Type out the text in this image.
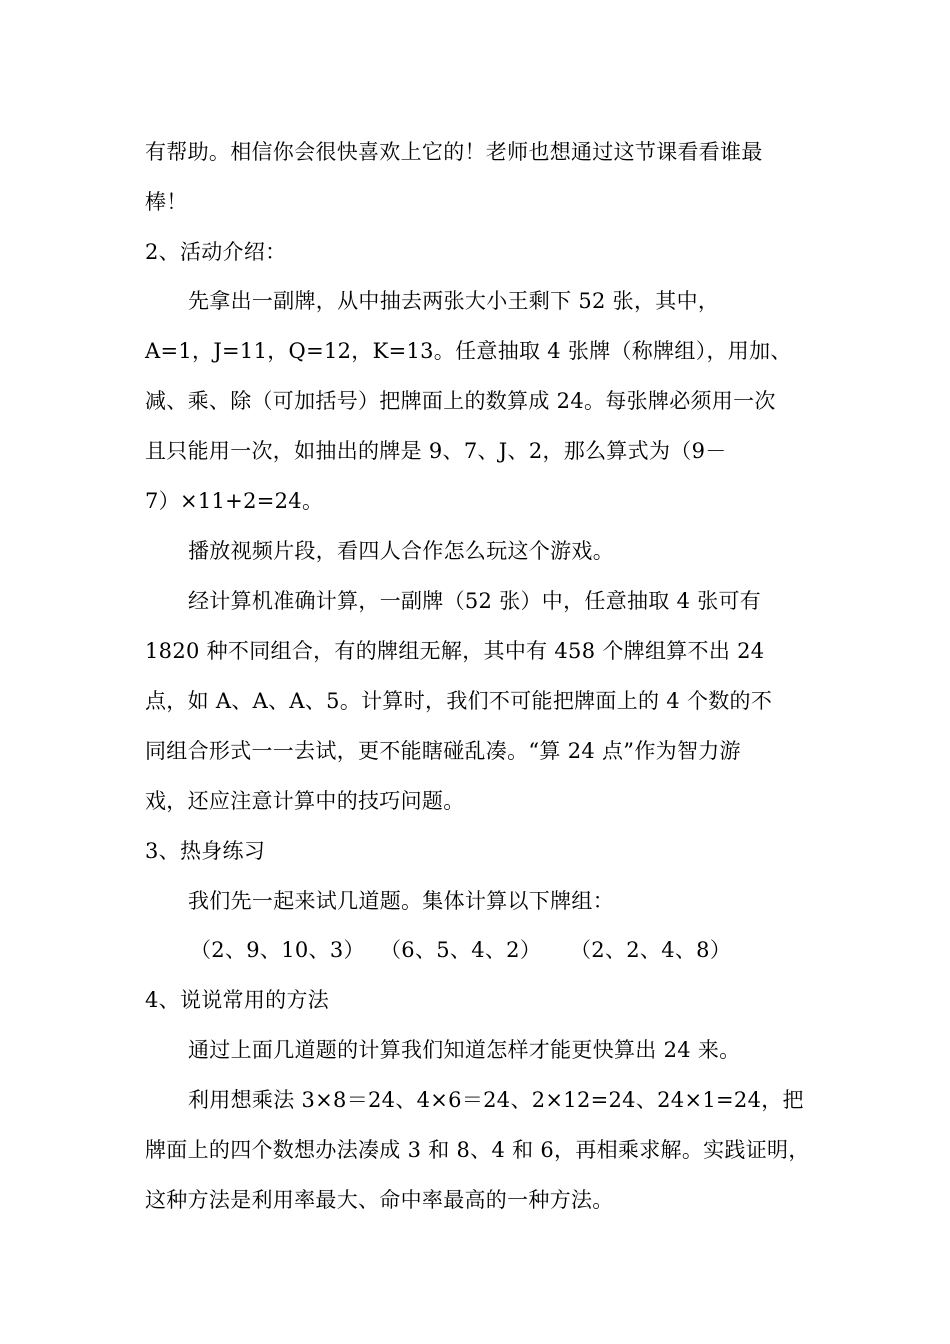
有帮助。相信你会很快喜欢上它的！老师也想通过这节课看看谁最
棒！
2、活动介绍：
先拿出一副牌，从中抽去两张大小王剩下 52 张，其中，
A=1，J=11，Q=12，K=13。任意抽取 4 张牌（称牌组），用加、
减、乘、除（可加括号）把牌面上的数算成 24。每张牌必须用一次
且只能用一次，如抽出的牌是 9、7、J、2，那么算式为（9－
7）×11+2=24。
播放视频片段，看四人合作怎么玩这个游戏。
经计算机准确计算，一副牌（52 张）中，任意抽取 4 张可有
1820 种不同组合，有的牌组无解，其中有 458 个牌组算不出 24
点，如 A、A、A、5。计算时，我们不可能把牌面上的 4 个数的不
同组合形式一一去试，更不能瞎碰乱凑。“算 24 点”作为智力游
戏，还应注意计算中的技巧问题。
3、热身练习
我们先一起来试几道题。集体计算以下牌组：
（2、9、10、3） （6、5、4、2） （2、2、4、8）
4、说说常用的方法
通过上面几道题的计算我们知道怎样才能更快算出 24 来。
利用想乘法 3×8＝24、4×6＝24、2×12=24、24×1=24，把
牌面上的四个数想办法凑成 3 和 8、4 和 6，再相乘求解。实践证明，
这种方法是利用率最大、命中率最高的一种方法。
